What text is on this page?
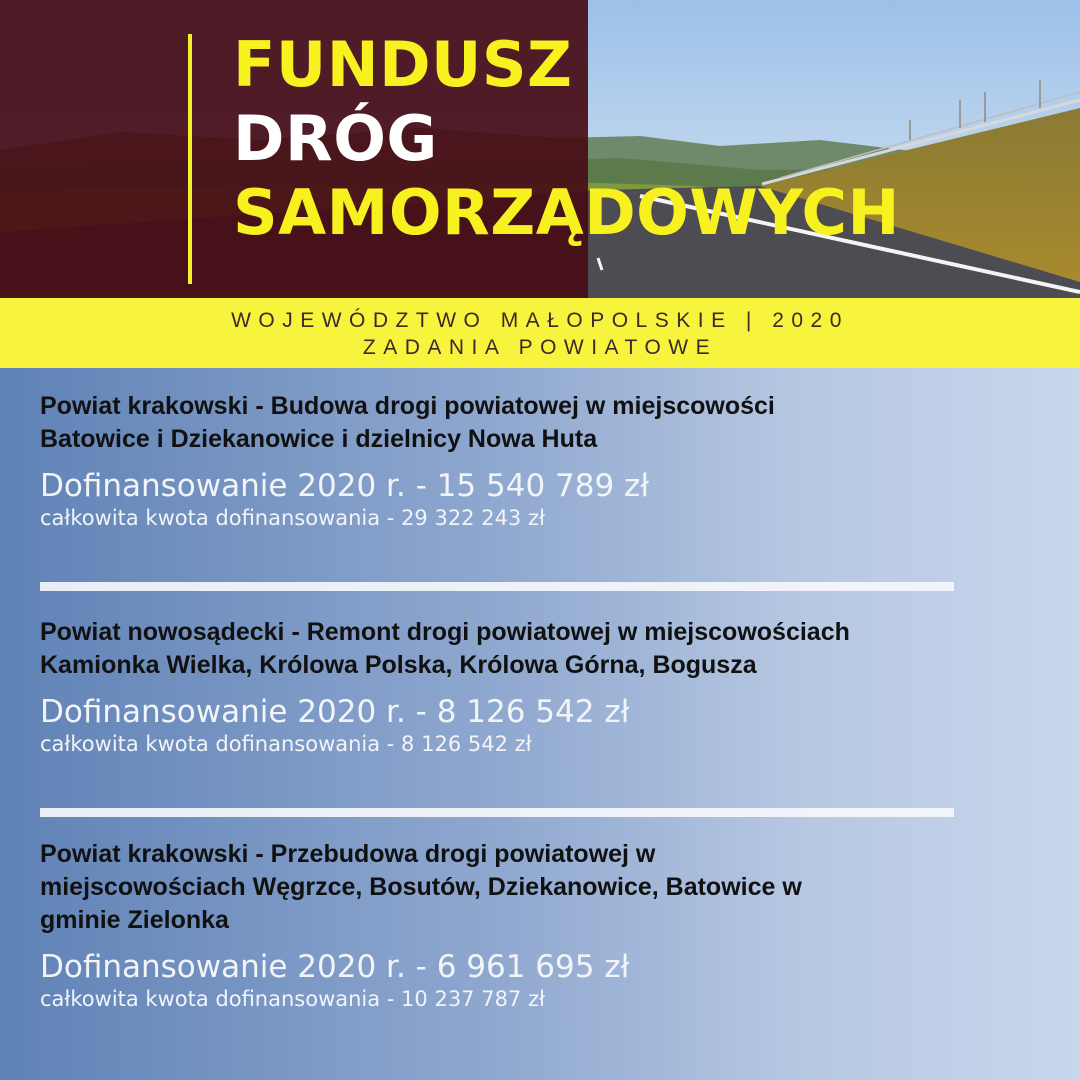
FUNDUSZ
DRÓG
SAMORZĄDOWYCH
WOJEWÓDZTWO MAŁOPOLSKIE | 2020
ZADANIA POWIATOWE

Powiat krakowski - Budowa drogi powiatowej w miejscowości
Batowice i Dziekanowice i dzielnicy Nowa Huta

Dofinansowanie 2020 r. - 15 540 789 zł

całkowita kwota dofinansowania - 29 322 243 zł

Powiat nowosądecki - Remont drogi powiatowej w miejscowościach
Kamionka Wielka, Królowa Polska, Królowa Górna, Bogusza

Dofinansowanie 2020 r. - 8 126 542 zł

całkowita kwota dofinansowania - 8 126 542 zł

Powiat krakowski - Przebudowa drogi powiatowej w
miejscowościach Węgrzce, Bosutów, Dziekanowice, Batowice w
gminie Zielonka

Dofinansowanie 2020 r. - 6 961 695 zł

całkowita kwota dofinansowania - 10 237 787 zł
